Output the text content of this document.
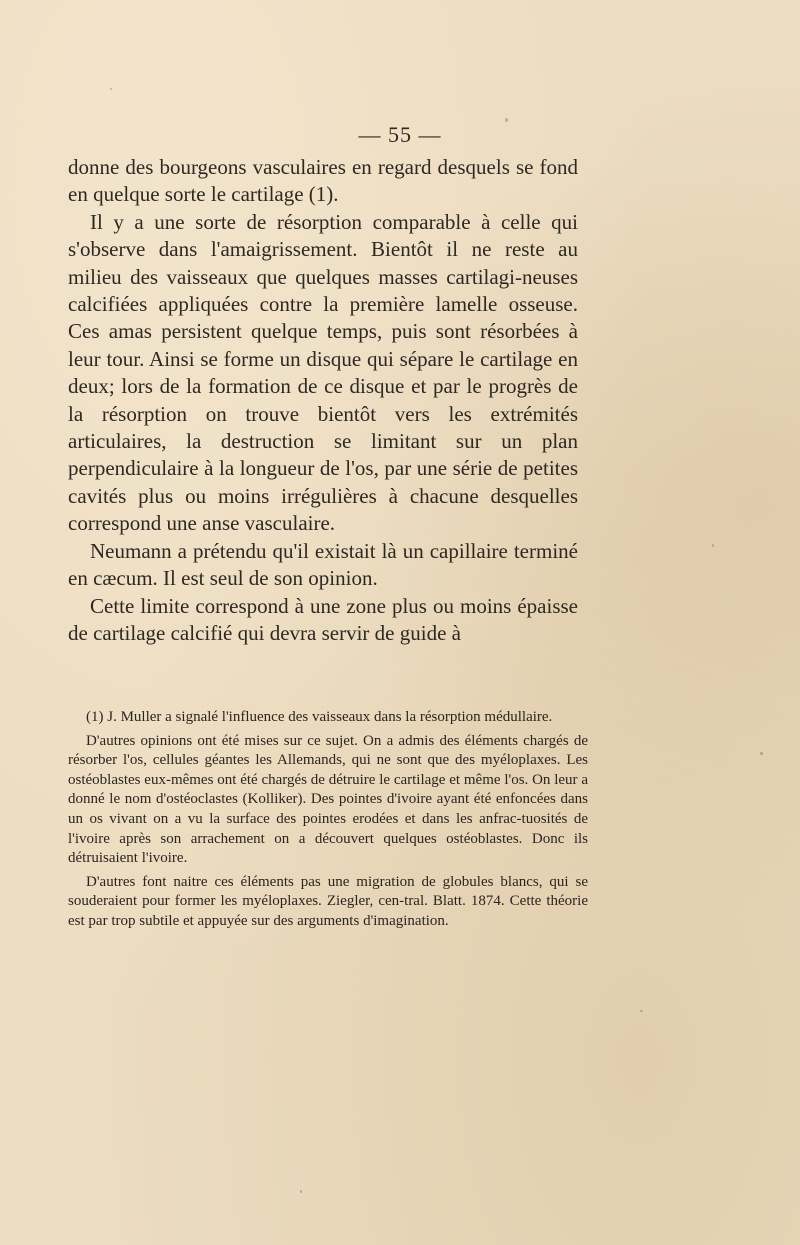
— 55 —

donne des bourgeons vasculaires en regard desquels se fond en quelque sorte le cartilage (1).

Il y a une sorte de résorption comparable à celle qui s'observe dans l'amaigrissement. Bientôt il ne reste au milieu des vaisseaux que quelques masses cartilagi-neuses calcifiées appliquées contre la première lamelle osseuse. Ces amas persistent quelque temps, puis sont résorbées à leur tour. Ainsi se forme un disque qui sépare le cartilage en deux; lors de la formation de ce disque et par le progrès de la résorption on trouve bientôt vers les extrémités articulaires, la destruction se limitant sur un plan perpendiculaire à la longueur de l'os, par une série de petites cavités plus ou moins irrégulières à chacune desquelles correspond une anse vasculaire.

Neumann a prétendu qu'il existait là un capillaire terminé en cæcum. Il est seul de son opinion.

Cette limite correspond à une zone plus ou moins épaisse de cartilage calcifié qui devra servir de guide à

(1) J. Muller a signalé l'influence des vaisseaux dans la résorption médullaire.

D'autres opinions ont été mises sur ce sujet. On a admis des éléments chargés de résorber l'os, cellules géantes les Allemands, qui ne sont que des myéloplaxes. Les ostéoblastes eux-mêmes ont été chargés de détruire le cartilage et même l'os. On leur a donné le nom d'ostéoclastes (Kolliker). Des pointes d'ivoire ayant été enfoncées dans un os vivant on a vu la surface des pointes erodées et dans les anfrac-tuosités de l'ivoire après son arrachement on a découvert quelques ostéoblastes. Donc ils détruisaient l'ivoire.

D'autres font naitre ces éléments pas une migration de globules blancs, qui se souderaient pour former les myéloplaxes. Ziegler, cen-tral. Blatt. 1874. Cette théorie est par trop subtile et appuyée sur des arguments d'imagination.
